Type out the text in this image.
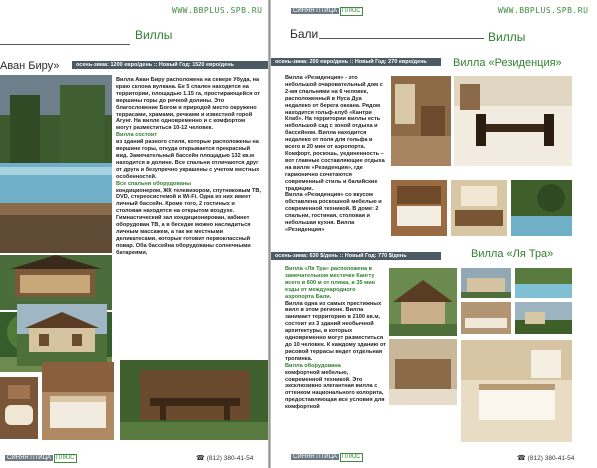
WWW.BBPLUS.SPB.RU
Виллы
Аван Биру»	осень-зима: 1200 евро/день :: Новый Год: 1520 евро/день

Вилла Аван Биру расположена на севере Убуда, на краю склона вулкана. Ее 5 спален находятся на территории, площадью 1.15 га, простирающейся от вершины горы до речной долины. Это благословение Богом и природой место окружено террасами, храмами, речками и известной горой Агунг. На вилле одновременно и с комфортом могут разместиться 10-12 человек.

Вилла состоит

из зданий разного стиля, которые расположены на вершине горы, откуда открывается прекрасный вид. Замечательный бассейн площадью 132 кв.м находится в долине. Все спальни отличаются друг от друга и безупречно украшены с учетом местных особенностей.

Все спальни оборудованы

кондиционером, ЖК телевизором, спутниковым ТВ, DVD, стереосистемой и Wi-Fi. Одна из них имеет личный бассейн. Кроме того, 2 гостиных и столовая находятся на открытом воздухе. Гимнастический зал кондиционирован, кабинет оборудован ТВ, а в беседке можно насладиться личным массажем, а так же местными деликатесами, которые готовит первоклассный повар. Оба бассейна оборудованы солнечными батареями,

СИНЯЯ ПТИЦА ПЛЮС	☎ (812) 380-41-54
СИНЯЯ ПТИЦА ПЛЮС	WWW.BBPLUS.SPB.RU
Бали	Виллы
осень-зима: 200 евро/день :: Новый Год: 270 евро/день	Вилла «Резиденция»

Вилла «Резиденция» - это небольшой очаровательный дом с 2-мя спальнями на 6 человек, расположенный в Нуса Дуа недалеко от берега океана. Рядом находится гольф-клуб «Кантри Клаб». На территории виллы есть небольшой сад с зоной отдыха и бассейном. Вилла находится недалеко от поля для гольфа и всего в 20 мин от аэропорта. Комфорт, роскошь, уединенность – вот главные составляющие отдыха на вилле «Резиденция», где гармонично сочетаются современный стиль и балийские традиции.

Вилла «Резиденция» со вкусом обставлена роскошной мебелью и современной техникой. В доме: 2 спальни, гостиная, столовая и небольшая кухня. Вилла «Резиденция»

осень-зима: 630 $/день :: Новый Год: 770 $/день	Вилла «Ля Тра»

Вилла «Ля Тра» расположена в замечательном местечке Кангту всего в 600 м от пляжа, в 35 мин езды от международного аэропорта Бали.

Вилла одна из самых престижных вилл в этом регионе. Вилла занимает территорию в 2100 кв.м, состоит из 3 зданий необычной архитектуры, в которых одновременно могут разместиться до 10 человек. К каждому зданию от рисовой террасы ведет отдельная тропинка.

Вилла оборудована

комфортной мебелью, современной техникой. Это эксклюзивно элегантная вилла с оттенком национального колорита, предоставляющая все условия для комфортной

СИНЯЯ ПТИЦА ПЛЮС	☎ (812) 380-41-54
